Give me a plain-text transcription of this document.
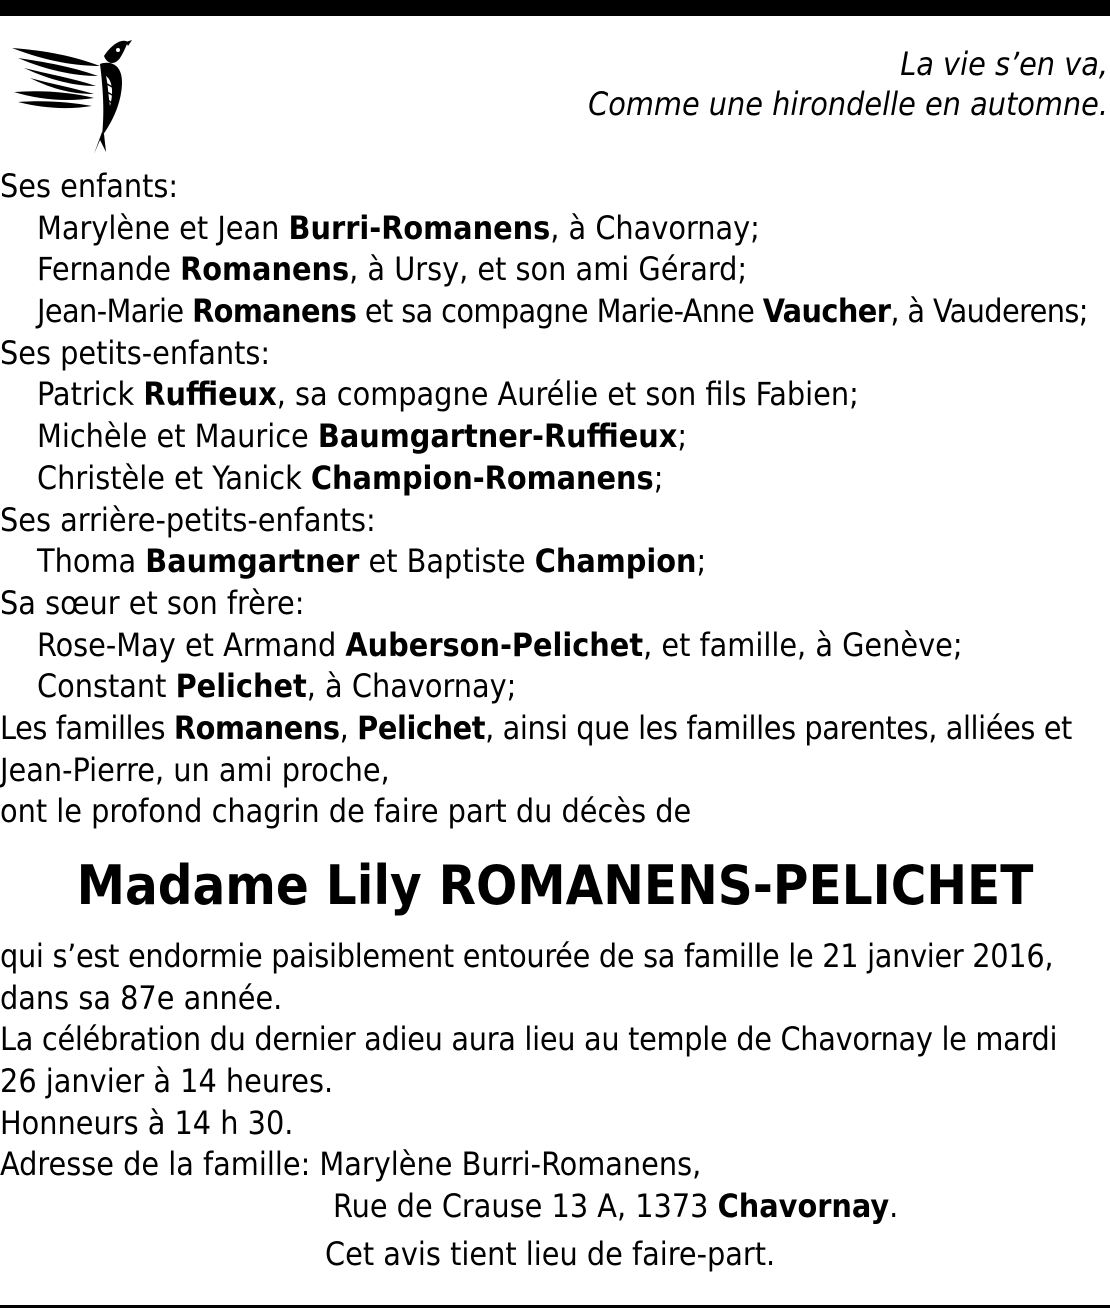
La vie s’en va,
Comme une hirondelle en automne.
Ses enfants:
Marylène et Jean Burri-Romanens, à Chavornay;
Fernande Romanens, à Ursy, et son ami Gérard;
Jean-Marie Romanens et sa compagne Marie-Anne Vaucher, à Vauderens;
Ses petits-enfants:
Patrick Ruffieux, sa compagne Aurélie et son fils Fabien;
Michèle et Maurice Baumgartner-Ruffieux;
Christèle et Yanick Champion-Romanens;
Ses arrière-petits-enfants:
Thoma Baumgartner et Baptiste Champion;
Sa sœur et son frère:
Rose-May et Armand Auberson-Pelichet, et famille, à Genève;
Constant Pelichet, à Chavornay;
Les familles Romanens, Pelichet, ainsi que les familles parentes, alliées et
Jean-Pierre, un ami proche,
ont le profond chagrin de faire part du décès de
Madame Lily ROMANENS-PELICHET
qui s’est endormie paisiblement entourée de sa famille le 21 janvier 2016,
dans sa 87e année.
La célébration du dernier adieu aura lieu au temple de Chavornay le mardi
26 janvier à 14 heures.
Honneurs à 14 h 30.
Adresse de la famille: Marylène Burri-Romanens,
Rue de Crause 13 A, 1373 Chavornay.
Cet avis tient lieu de faire-part.
